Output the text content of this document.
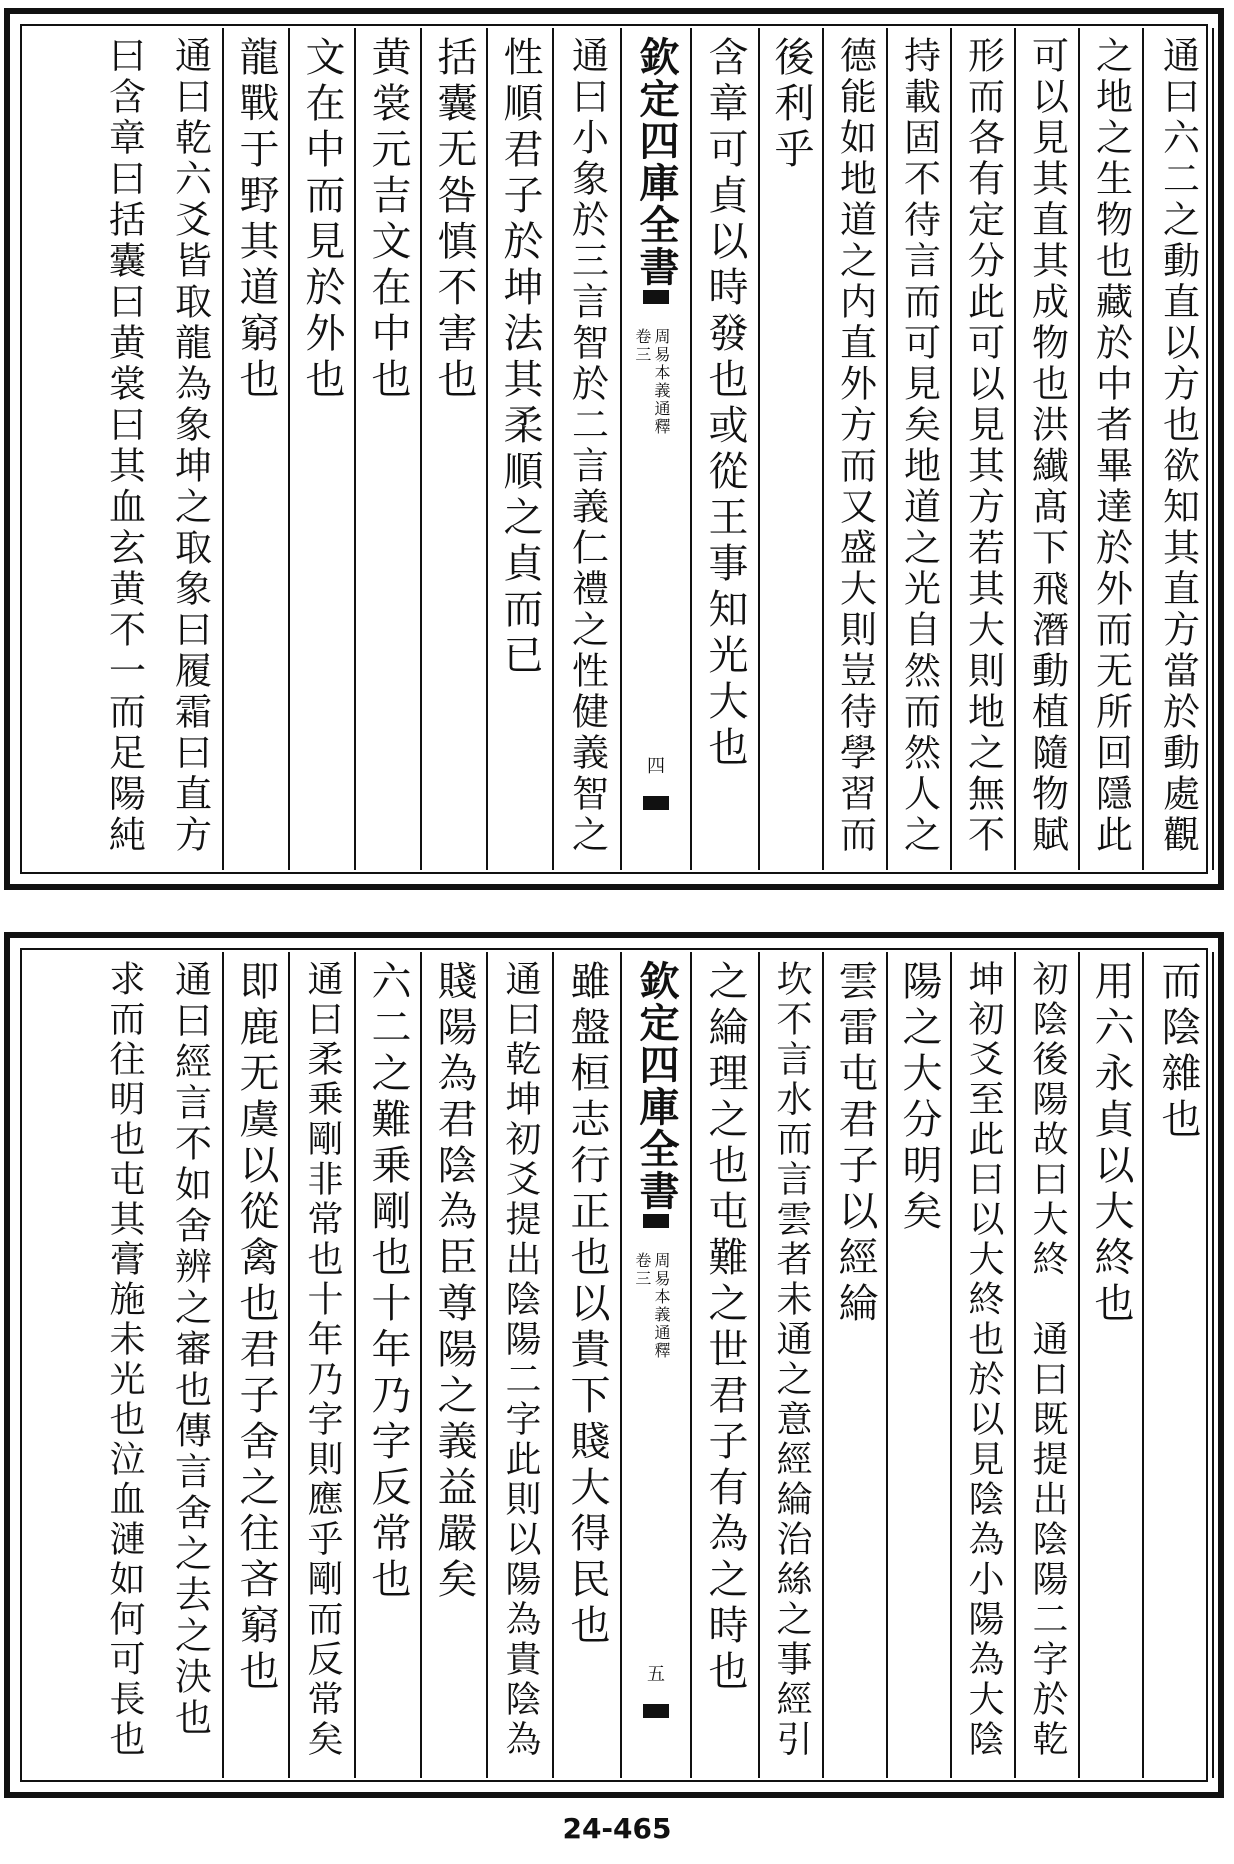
通曰六二之動直以方也欲知其直方當於動處觀
之地之生物也藏於中者畢達於外而无所回隱此
可以見其直其成物也洪纎髙下飛潛動植隨物賦
形而各有定分此可以見其方若其大則地之無不
持載固不待言而可見矣地道之光自然而然人之
德能如地道之内直外方而又盛大則豈待學習而
後利乎
含章可貞以時發也或從王事知光大也
欽定四庫全書
周易本義通釋
卷三
四
通曰小象於三言智於二言義仁禮之性健義智之
性順君子於坤法其柔順之貞而已
括囊无咎慎不害也
黄裳元吉文在中也
文在中而見於外也
龍戰于野其道窮也
通曰乾六爻皆取龍為象坤之取象曰履霜曰直方
曰含章曰括囊曰黄裳曰其血玄黄不一而足陽純
而陰雜也
用六永貞以大終也
初陰後陽故曰大終　通曰既提出陰陽二字於乾
坤初爻至此曰以大終也於以見陰為小陽為大陰
陽之大分明矣
雲雷屯君子以經綸
坎不言水而言雲者未通之意經綸治絲之事經引
之綸理之也屯難之世君子有為之時也
欽定四庫全書
周易本義通釋
卷三
五
雖盤桓志行正也以貴下賤大得民也
通曰乾坤初爻提出陰陽二字此則以陽為貴陰為
賤陽為君陰為臣尊陽之義益嚴矣
六二之難乗剛也十年乃字反常也
通曰柔乗剛非常也十年乃字則應乎剛而反常矣
即鹿无虞以從禽也君子舍之往吝窮也
通曰經言不如舍辨之審也傳言舍之去之決也
求而往明也屯其膏施未光也泣血漣如何可長也
24-465
